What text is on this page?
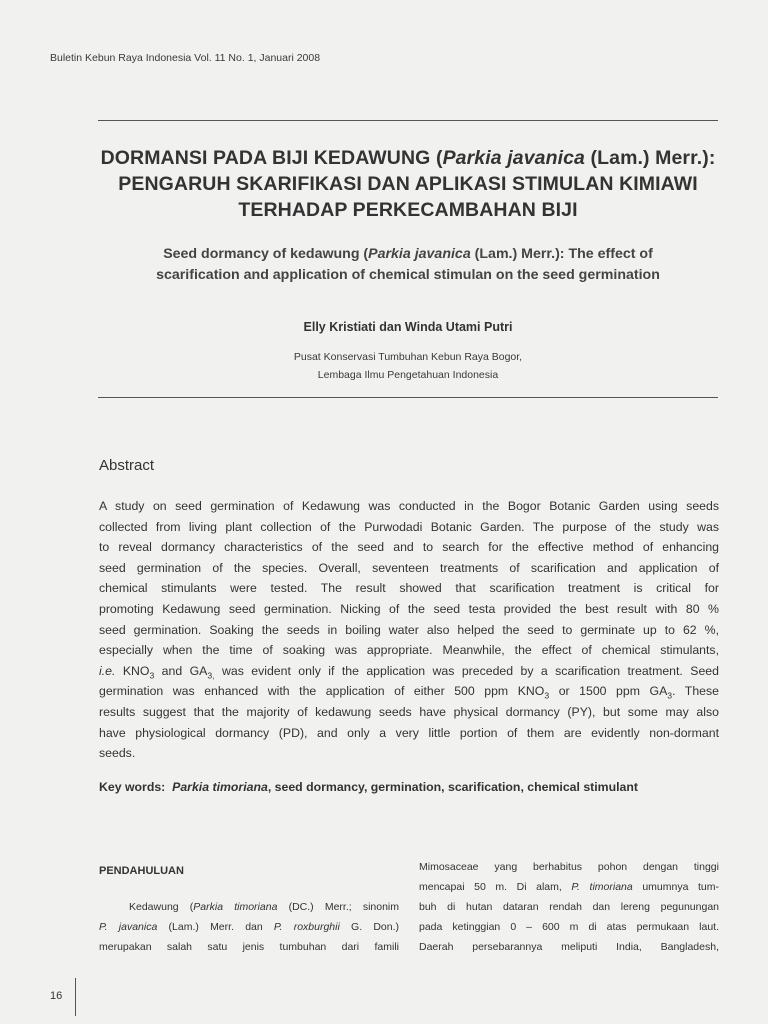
Buletin Kebun Raya Indonesia Vol. 11 No. 1, Januari 2008
DORMANSI PADA BIJI KEDAWUNG (Parkia javanica (Lam.) Merr.):
PENGARUH SKARIFIKASI DAN APLIKASI STIMULAN KIMIAWI
TERHADAP PERKECAMBAHAN BIJI
Seed dormancy of kedawung (Parkia javanica (Lam.) Merr.): The effect of
scarification and application of chemical stimulan on the seed germination
Elly Kristiati dan Winda Utami Putri
Pusat Konservasi Tumbuhan Kebun Raya Bogor,
Lembaga Ilmu Pengetahuan Indonesia
Abstract
A study on seed germination of Kedawung was conducted in the Bogor Botanic Garden using seeds
collected from living plant collection of the Purwodadi Botanic Garden. The purpose of the study was
to reveal dormancy characteristics of the seed and to search for the effective method of enhancing
seed germination of the species. Overall, seventeen treatments of scarification and application of
chemical stimulants were tested. The result showed that scarification treatment is critical for
promoting Kedawung seed germination. Nicking of the seed testa provided the best result with 80 %
seed germination. Soaking the seeds in boiling water also helped the seed to germinate up to 62 %,
especially when the time of soaking was appropriate. Meanwhile, the effect of chemical stimulants,
i.e. $KNO_3$ and $GA_{3,}$ was evident only if the application was preceded by a scarification treatment. Seed
germination was enhanced with the application of either 500 ppm $KNO_3$ or 1500 ppm $GA_3$. These
results suggest that the majority of kedawung seeds have physical dormancy (PY), but some may also
have physiological dormancy (PD), and only a very little portion of them are evidently non-dormant
seeds.
Key words: Parkia timoriana, seed dormancy, germination, scarification, chemical stimulant
PENDAHULUAN
Kedawung (Parkia timoriana (DC.) Merr.; sinonim
P. javanica (Lam.) Merr. dan P. roxburghii G. Don.)
merupakan salah satu jenis tumbuhan dari famili
Mimosaceae yang berhabitus pohon dengan tinggi
mencapai 50 m. Di alam, P. timoriana umumnya tum-
buh di hutan dataran rendah dan lereng pegunungan
pada ketinggian 0 – 600 m di atas permukaan laut.
Daerah persebarannya meliputi India, Bangladesh,
16
